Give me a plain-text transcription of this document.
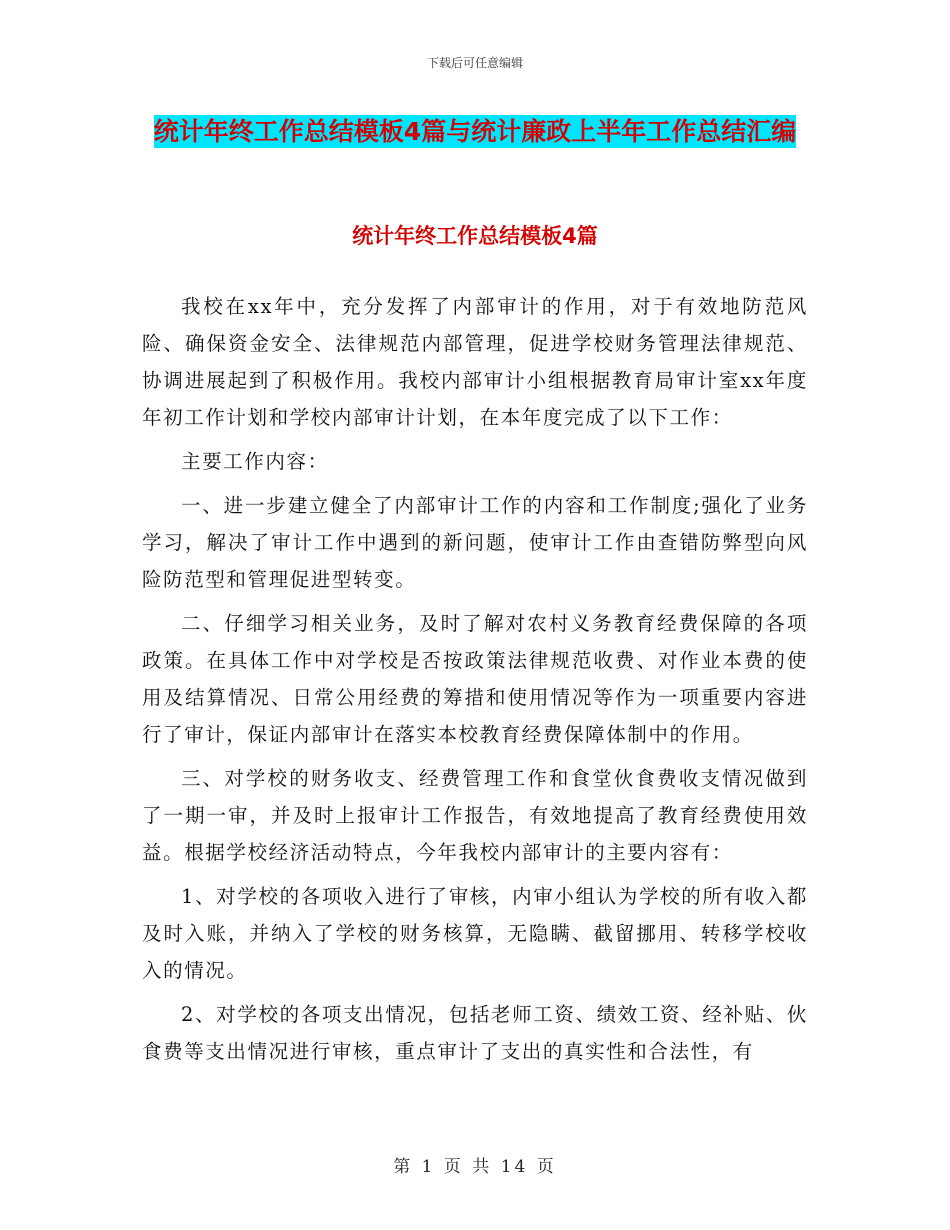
下载后可任意编辑
统计年终工作总结模板4篇与统计廉政上半年工作总结汇编
统计年终工作总结模板4篇

我校在xx年中，充分发挥了内部审计的作用，对于有效地防范风险、确保资金安全、法律规范内部管理，促进学校财务管理法律规范、协调进展起到了积极作用。我校内部审计小组根据教育局审计室xx年度年初工作计划和学校内部审计计划，在本年度完成了以下工作：

主要工作内容：

一、进一步建立健全了内部审计工作的内容和工作制度;强化了业务学习，解决了审计工作中遇到的新问题，使审计工作由查错防弊型向风险防范型和管理促进型转变。

二、仔细学习相关业务，及时了解对农村义务教育经费保障的各项政策。在具体工作中对学校是否按政策法律规范收费、对作业本费的使用及结算情况、日常公用经费的筹措和使用情况等作为一项重要内容进行了审计，保证内部审计在落实本校教育经费保障体制中的作用。

三、对学校的财务收支、经费管理工作和食堂伙食费收支情况做到了一期一审，并及时上报审计工作报告，有效地提高了教育经费使用效益。根据学校经济活动特点，今年我校内部审计的主要内容有：

1、对学校的各项收入进行了审核，内审小组认为学校的所有收入都及时入账，并纳入了学校的财务核算，无隐瞒、截留挪用、转移学校收入的情况。

2、对学校的各项支出情况，包括老师工资、绩效工资、经补贴、伙食费等支出情况进行审核，重点审计了支出的真实性和合法性，有

第 1 页 共 14 页
